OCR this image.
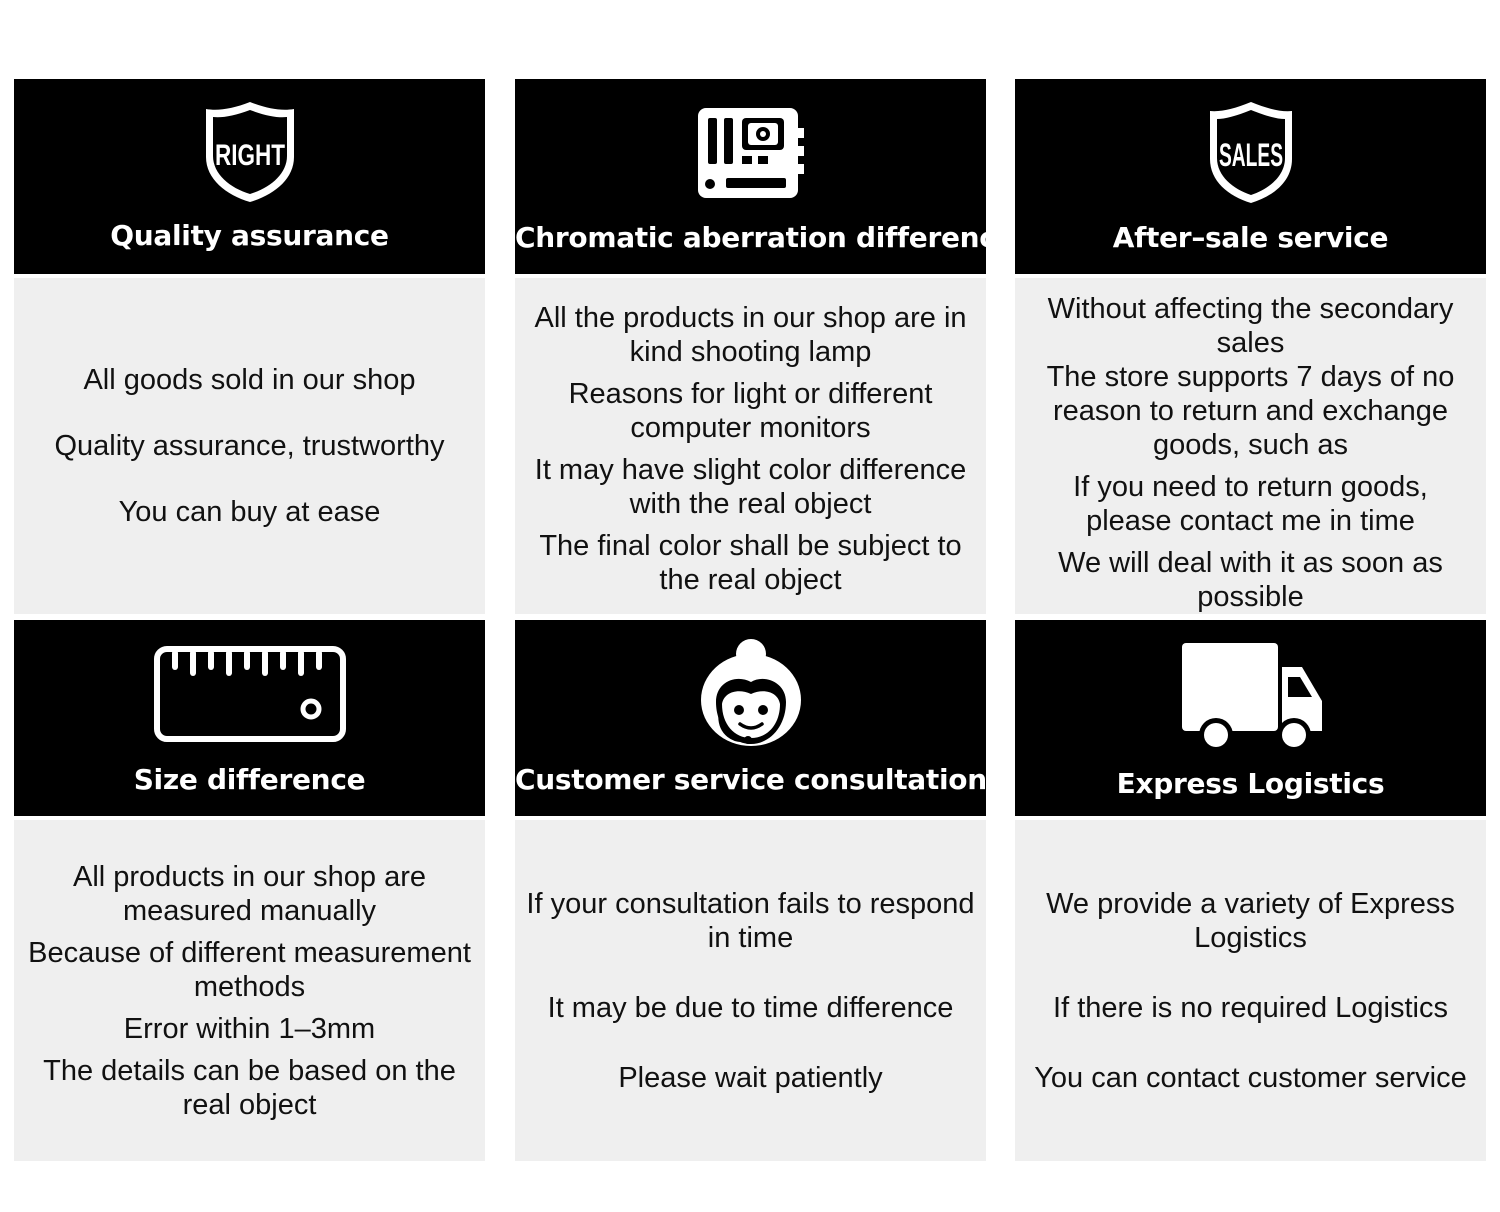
RIGHT
Quality assurance

All goods sold in our shop

Quality assurance, trustworthy

You can buy at ease

Chromatic aberration difference

All the products in our shop are in kind shooting lamp

Reasons for light or different computer monitors

It may have slight color difference with the real object

The final color shall be subject to the real object

SALES
After–sale service

Without affecting the secondary sales

The store supports 7 days of no reason to return and exchange goods, such as

If you need to return goods, please contact me in time

We will deal with it as soon as possible

Size difference

All products in our shop are measured manually

Because of different measurement methods

Error within 1–3mm

The details can be based on the real object

Customer service consultation

If your consultation fails to respond in time

It may be due to time difference

Please wait patiently

Express Logistics

We provide a variety of Express Logistics

If there is no required Logistics

You can contact customer service
